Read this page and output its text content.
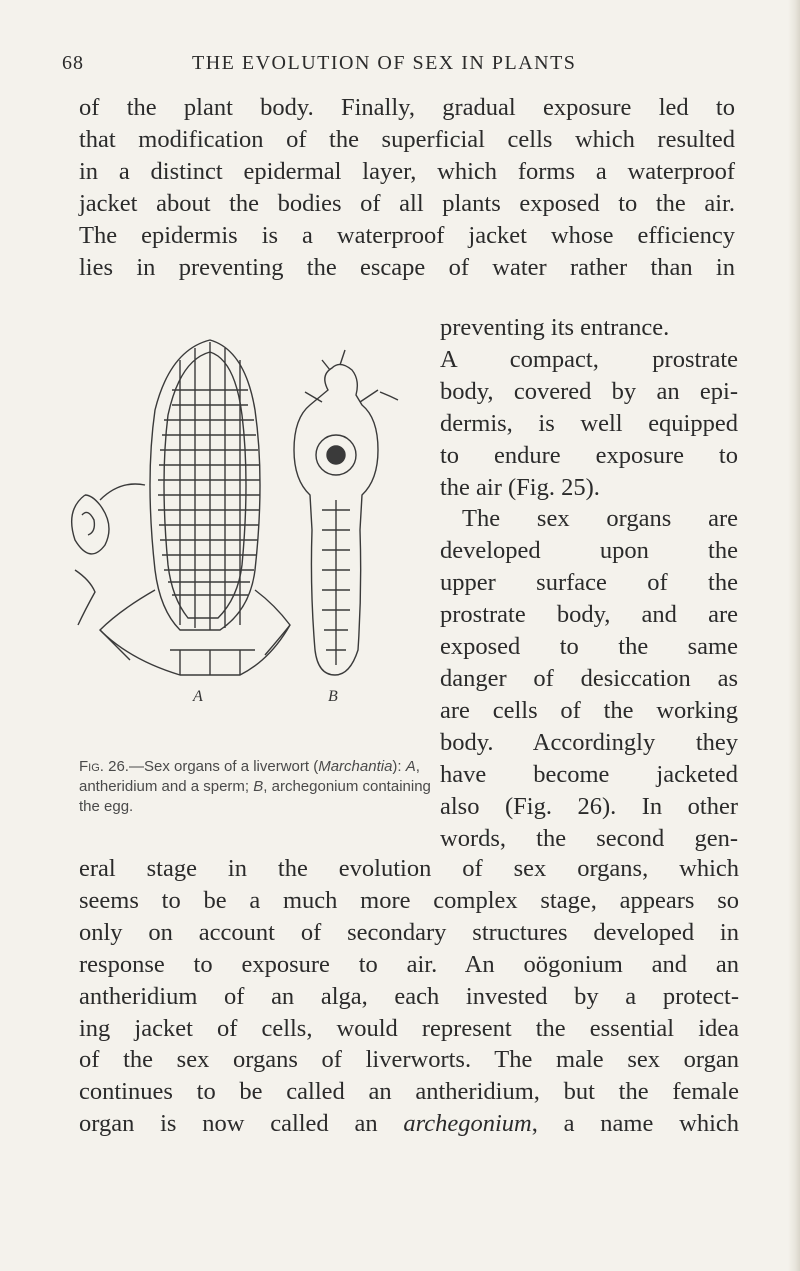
68	THE EVOLUTION OF SEX IN PLANTS

of the plant body. Finally, gradual exposure led to
that modification of the superficial cells which resulted
in a distinct epidermal layer, which forms a waterproof
jacket about the bodies of all plants exposed to the air.
The epidermis is a waterproof jacket whose efficiency
lies in preventing the escape of water rather than in

preventing its entrance.
A compact, prostrate
body, covered by an epi-
dermis, is well equipped
to endure exposure to
the air (Fig. 25).
The sex organs are
developed upon the
upper surface of the
prostrate body, and are
exposed to the same
danger of desiccation as
are cells of the working
body. Accordingly they
have become jacketed
also (Fig. 26). In other
words, the second gen-
A	B
Fig. 26.—Sex organs of a liverwort (Marchantia): A, antheridium and a sperm; B, archegonium containing the egg.
eral stage in the evolution of sex organs, which
seems to be a much more complex stage, appears so
only on account of secondary structures developed in
response to exposure to air. An oögonium and an
antheridium of an alga, each invested by a protect-
ing jacket of cells, would represent the essential idea
of the sex organs of liverworts. The male sex organ
continues to be called an antheridium, but the female
organ is now called an archegonium, a name which
